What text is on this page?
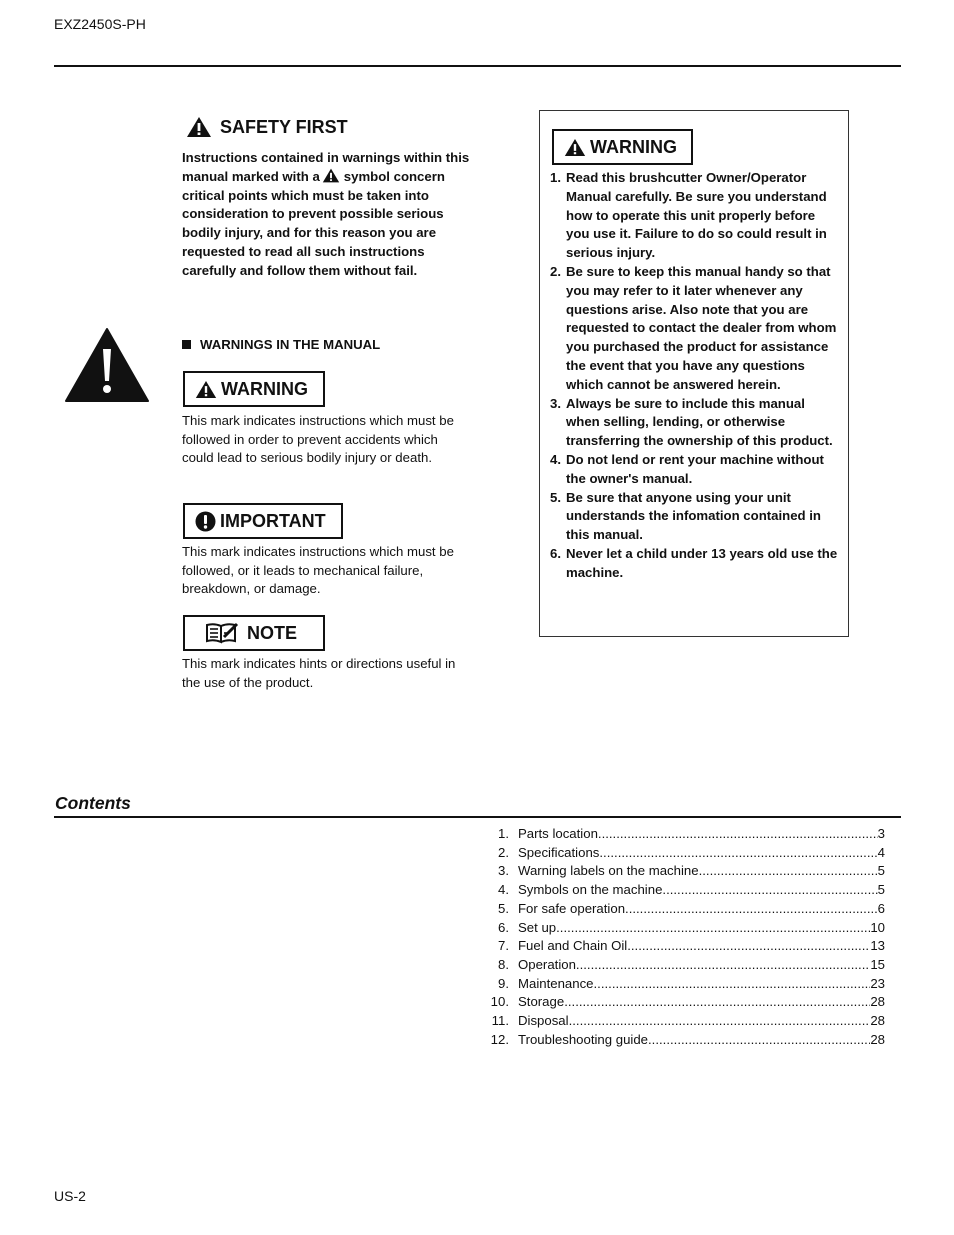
EXZ2450S-PH
SAFETY FIRST
Instructions contained in warnings within this manual marked with a symbol concern critical points which must be taken into consideration to prevent possible serious bodily injury, and for this reason you are requested to read all such instructions carefully and follow them without fail.
WARNINGS IN THE MANUAL
WARNING
This mark indicates instructions which must be followed in order to prevent accidents which could lead to serious bodily injury or death.
IMPORTANT
This mark indicates instructions which must be followed, or it leads to mechanical failure, breakdown, or damage.
NOTE
This mark indicates hints or directions useful in the use of the product.
WARNING
1. Read this brushcutter Owner/Operator Manual carefully. Be sure you understand how to operate this unit properly before you use it. Failure to do so could result in serious injury.
2. Be sure to keep this manual handy so that you may refer to it later whenever any questions arise. Also note that you are requested to contact the dealer from whom you purchased the product for assistance the event that you have any questions which cannot be answered herein.
3. Always be sure to include this manual when selling, lending, or otherwise transferring the ownership of this product.
4. Do not lend or rent your machine without the owner's manual.
5. Be sure that anyone using your unit understands the infomation contained in this manual.
6. Never let a child under 13 years old use the machine.
Contents
1. Parts location .....	3
2. Specifications .....	4
3. Warning labels on the machine .....	5
4. Symbols on the machine .....	5
5. For safe operation .....	6
6. Set up .....	10
7. Fuel and Chain Oil .....	13
8. Operation .....	15
9. Maintenance .....	23
10. Storage .....	28
11. Disposal .....	28
12. Troubleshooting guide .....	28
US-2
